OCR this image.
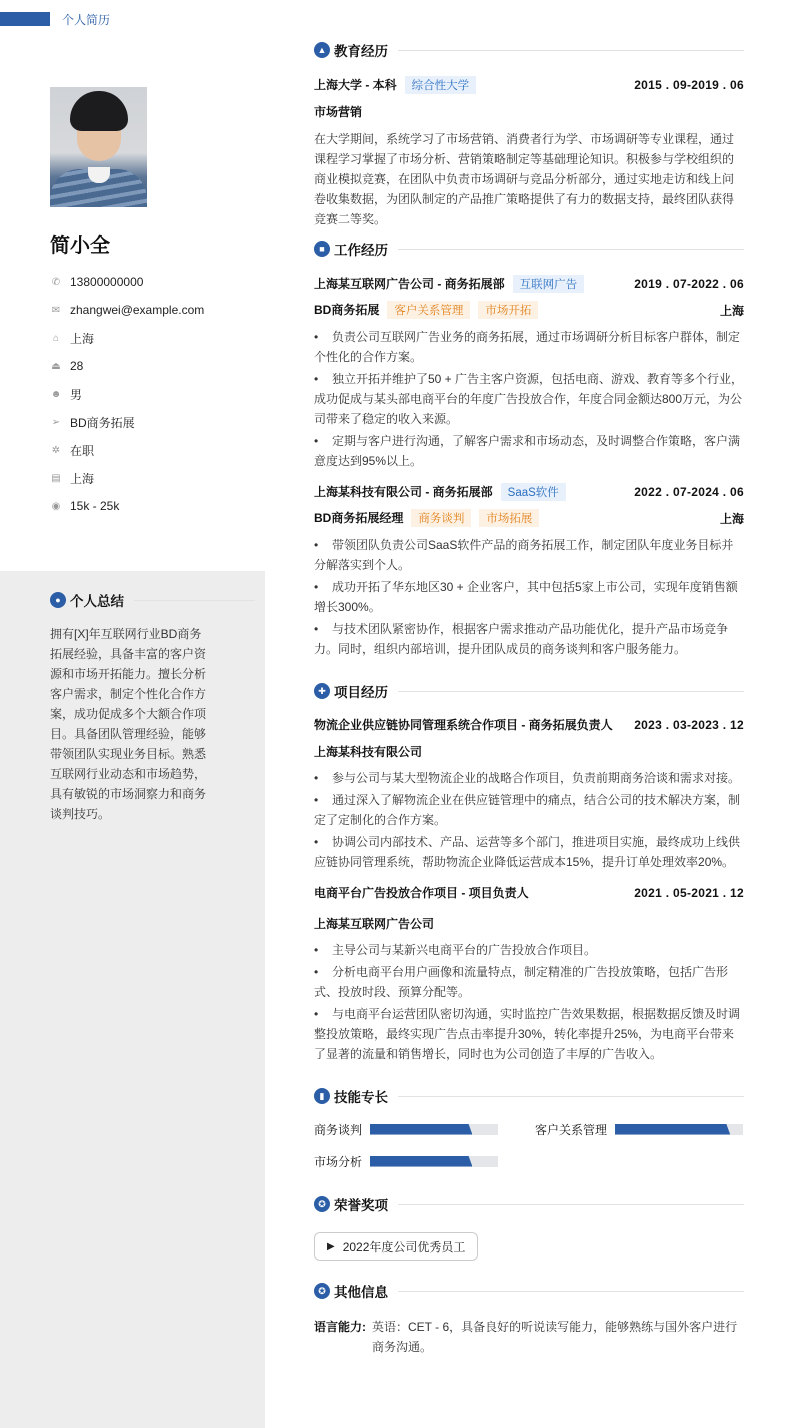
个人简历
简小全
✆ 13800000000
✉ zhangwei@example.com
⌂ 上海
⏏ 28
☻ 男
➢ BD商务拓展
✲ 在职
▤ 上海
◉ 15k - 25k
● 个人总结
拥有[X]年互联网行业BD商务拓展经验，具备丰富的客户资源和市场开拓能力。擅长分析客户需求，制定个性化合作方案，成功促成多个大额合作项目。具备团队管理经验，能够带领团队实现业务目标。熟悉互联网行业动态和市场趋势，具有敏锐的市场洞察力和商务谈判技巧。
▲ 教育经历
上海大学 - 本科 综合性大学	2015 . 09-2019 . 06
市场营销
在大学期间，系统学习了市场营销、消费者行为学、市场调研等专业课程，通过课程学习掌握了市场分析、营销策略制定等基础理论知识。积极参与学校组织的商业模拟竞赛，在团队中负责市场调研与竞品分析部分，通过实地走访和线上问卷收集数据，为团队制定的产品推广策略提供了有力的数据支持，最终团队获得竞赛二等奖。
■ 工作经历
上海某互联网广告公司 - 商务拓展部 互联网广告	2019 . 07-2022 . 06
BD商务拓展 客户关系管理 市场开拓	上海
• 负责公司互联网广告业务的商务拓展，通过市场调研分析目标客户群体，制定个性化的合作方案。
• 独立开拓并维护了50 + 广告主客户资源，包括电商、游戏、教育等多个行业，成功促成与某头部电商平台的年度广告投放合作，年度合同金额达800万元，为公司带来了稳定的收入来源。
• 定期与客户进行沟通，了解客户需求和市场动态，及时调整合作策略，客户满意度达到95%以上。
上海某科技有限公司 - 商务拓展部 SaaS软件	2022 . 07-2024 . 06
BD商务拓展经理 商务谈判 市场拓展	上海
• 带领团队负责公司SaaS软件产品的商务拓展工作，制定团队年度业务目标并分解落实到个人。
• 成功开拓了华东地区30 + 企业客户，其中包括5家上市公司，实现年度销售额增长300%。
• 与技术团队紧密协作，根据客户需求推动产品功能优化，提升产品市场竞争力。同时，组织内部培训，提升团队成员的商务谈判和客户服务能力。
✚ 项目经历
物流企业供应链协同管理系统合作项目 - 商务拓展负责人 2023 . 03-2023 . 12
上海某科技有限公司
• 参与公司与某大型物流企业的战略合作项目，负责前期商务洽谈和需求对接。
• 通过深入了解物流企业在供应链管理中的痛点，结合公司的技术解决方案，制定了定制化的合作方案。
• 协调公司内部技术、产品、运营等多个部门，推进项目实施，最终成功上线供应链协同管理系统，帮助物流企业降低运营成本15%，提升订单处理效率20%。
电商平台广告投放合作项目 - 项目负责人	2021 . 05-2021 . 12
上海某互联网广告公司
• 主导公司与某新兴电商平台的广告投放合作项目。
• 分析电商平台用户画像和流量特点，制定精准的广告投放策略，包括广告形式、投放时段、预算分配等。
• 与电商平台运营团队密切沟通，实时监控广告效果数据，根据数据反馈及时调整投放策略，最终实现广告点击率提升30%，转化率提升25%，为电商平台带来了显著的流量和销售增长，同时也为公司创造了丰厚的广告收入。
▮ 技能专长
商务谈判	客户关系管理
市场分析
✪ 荣誉奖项
▶ 2022年度公司优秀员工
✪ 其他信息
语言能力: 英语：CET - 6，具备良好的听说读写能力，能够熟练与国外客户进行商务沟通。
